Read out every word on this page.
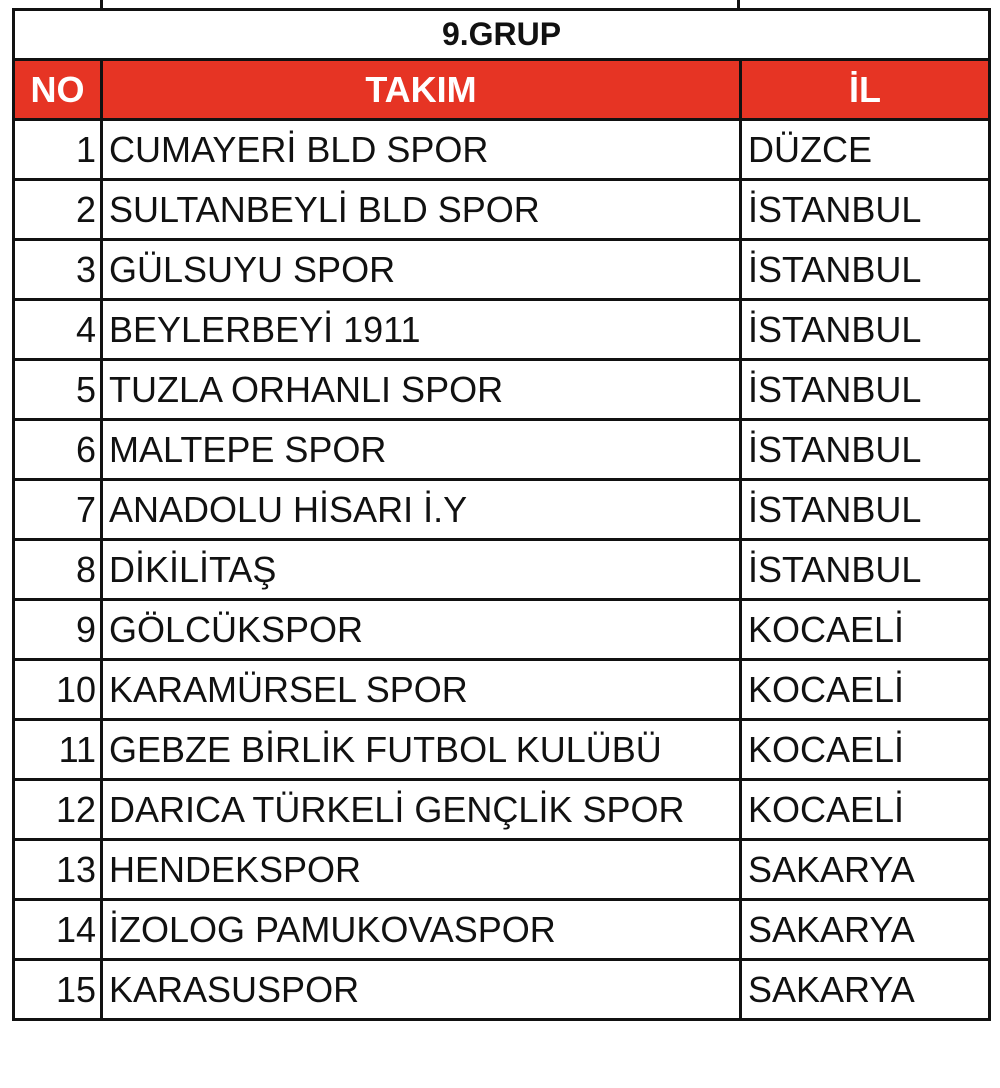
9.GRUP		
NO	TAKIM	İL
1	CUMAYERİ BLD SPOR	DÜZCE
2	SULTANBEYLİ BLD SPOR	İSTANBUL
3	GÜLSUYU SPOR	İSTANBUL
4	BEYLERBEYİ 1911	İSTANBUL
5	TUZLA ORHANLI SPOR	İSTANBUL
6	MALTEPE SPOR	İSTANBUL
7	ANADOLU HİSARI İ.Y	İSTANBUL
8	DİKİLİTAŞ	İSTANBUL
9	GÖLCÜKSPOR	KOCAELİ
10	KARAMÜRSEL SPOR	KOCAELİ
11	GEBZE BİRLİK FUTBOL KULÜBÜ	KOCAELİ
12	DARICA TÜRKELİ GENÇLİK SPOR	KOCAELİ
13	HENDEKSPOR	SAKARYA
14	İZOLOG PAMUKOVASPOR	SAKARYA
15	KARASUSPOR	SAKARYA
